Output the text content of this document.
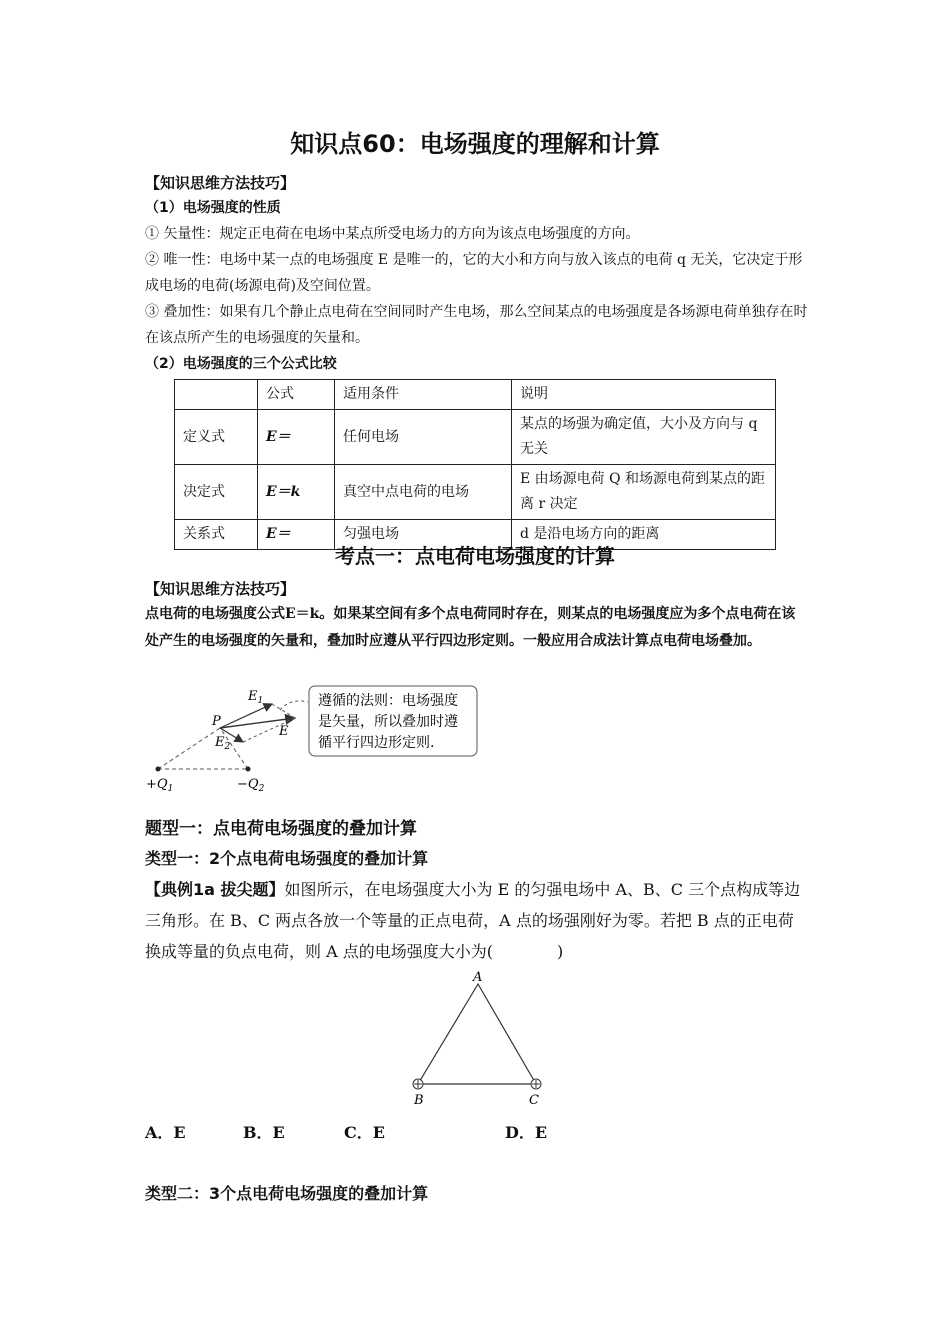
知识点60：电场强度的理解和计算
【知识思维方法技巧】
（1）电场强度的性质
① 矢量性：规定正电荷在电场中某点所受电场力的方向为该点电场强度的方向。
② 唯一性：电场中某一点的电场强度 E 是唯一的，它的大小和方向与放入该点的电荷 q 无关，它决定于形成电场的电荷(场源电荷)及空间位置。
③ 叠加性：如果有几个静止点电荷在空间同时产生电场，那么空间某点的电场强度是各场源电荷单独存在时在该点所产生的电场强度的矢量和。
（2）电场强度的三个公式比较
	公式	适用条件	说明
定义式	E＝	任何电场	某点的场强为确定值，大小及方向与 q 无关
决定式	E＝k	真空中点电荷的电场	E 由场源电荷 Q 和场源电荷到某点的距离 r 决定
关系式	E＝	匀强电场	d 是沿电场方向的距离
考点一：点电荷电场强度的计算
【知识思维方法技巧】
点电荷的电场强度公式E＝k。如果某空间有多个点电荷同时存在，则某点的电场强度应为多个点电荷在该处产生的电场强度的矢量和，叠加时应遵从平行四边形定则。一般应用合成法计算点电荷电场叠加。
$E_1$
$E_2$
E
P
$+Q_1$	$-Q_2$
遵循的法则：电场强度
是矢量，所以叠加时遵
循平行四边形定则.
题型一：点电荷电场强度的叠加计算
类型一：2个点电荷电场强度的叠加计算
【典例1a 拔尖题】如图所示，在电场强度大小为 E 的匀强电场中 A、B、C 三个点构成等边三角形。在 B、C 两点各放一个等量的正点电荷，A 点的场强刚好为零。若把 B 点的正电荷换成等量的负点电荷，则 A 点的电场强度大小为(　　　　)
A
B	C
A．E	B．E	C．E	D．E
类型二：3个点电荷电场强度的叠加计算
